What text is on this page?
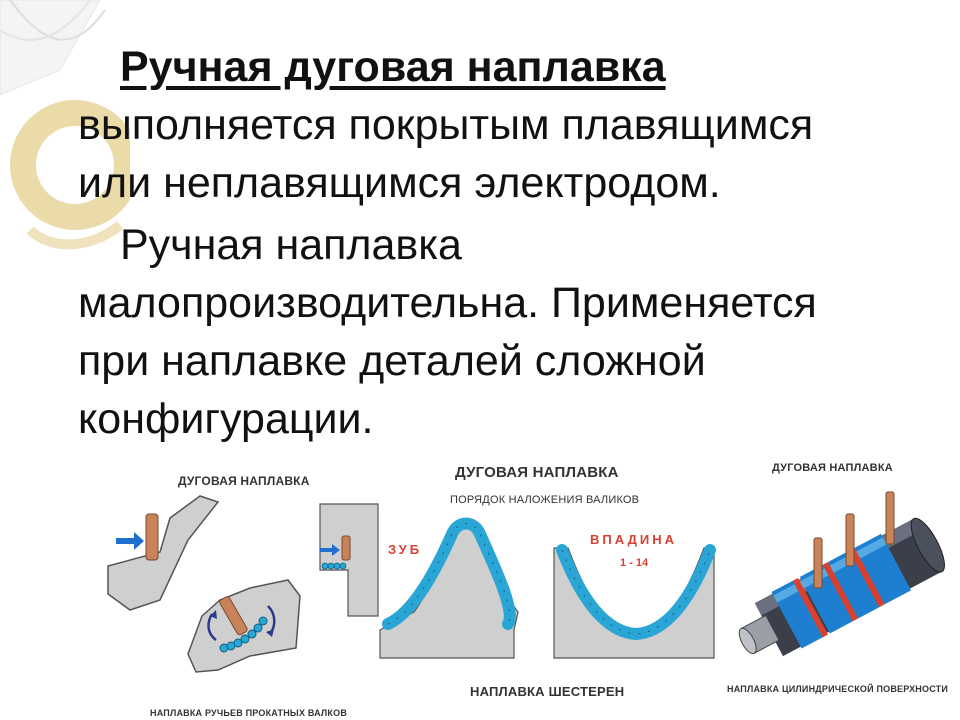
Ручная дуговая наплавка
выполняется покрытым плавящимся
или неплавящимся электродом.

Ручная наплавка
малопроизводительна. Применяется
при наплавке деталей сложной
конфигурации.

ДУГОВАЯ НАПЛАВКА
НАПЛАВКА РУЧЬЕВ ПРОКАТНЫХ ВАЛКОВ
ДУГОВАЯ НАПЛАВКА
ПОРЯДОК НАЛОЖЕНИЯ ВАЛИКОВ
ЗУБ
ВПАДИНА
1 - 14
НАПЛАВКА ШЕСТЕРЕН
ДУГОВАЯ НАПЛАВКА
НАПЛАВКА ЦИЛИНДРИЧЕСКОЙ ПОВЕРХНОСТИ
